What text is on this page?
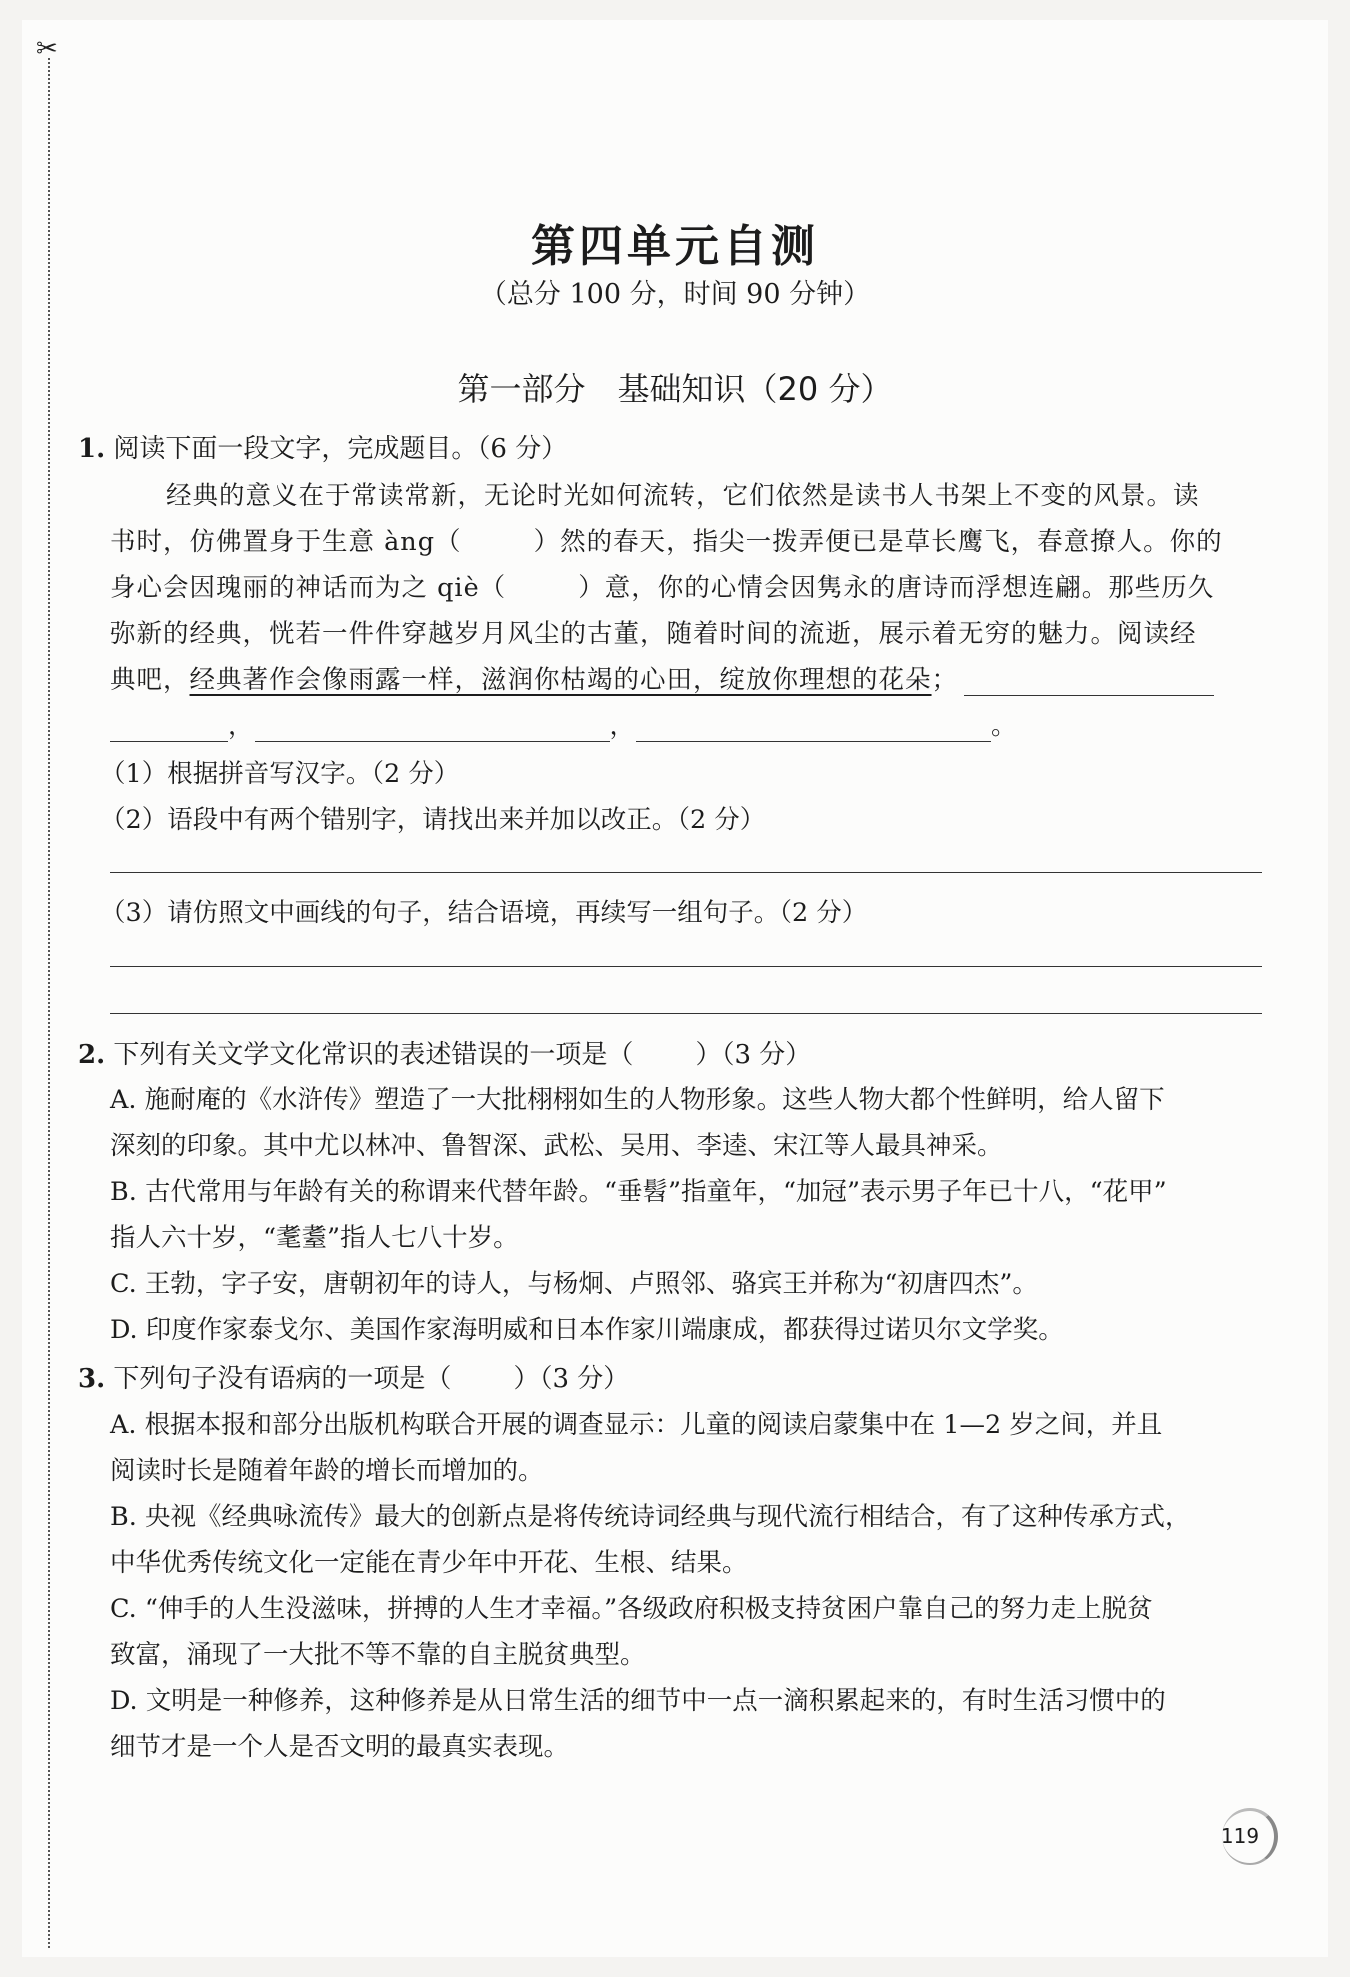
✂
第四单元自测
（总分 100 分，时间 90 分钟）
第一部分　基础知识（20 分）
1. 阅读下面一段文字，完成题目。（6 分）
经典的意义在于常读常新，无论时光如何流转，它们依然是读书人书架上不变的风景。读
书时，仿佛置身于生意 àng（	）然的春天，指尖一拨弄便已是草长鹰飞，春意撩人。你的
身心会因瑰丽的神话而为之 qiè（	）意，你的心情会因隽永的唐诗而浮想连翩。那些历久
弥新的经典，恍若一件件穿越岁月风尘的古董，随着时间的流逝，展示着无穷的魅力。阅读经
典吧，经典著作会像雨露一样，滋润你枯竭的心田，绽放你理想的花朵；
，	，	。
（1）根据拼音写汉字。（2 分）
（2）语段中有两个错别字，请找出来并加以改正。（2 分）
（3）请仿照文中画线的句子，结合语境，再续写一组句子。（2 分）
2. 下列有关文学文化常识的表述错误的一项是（ ）（3 分）
A. 施耐庵的《水浒传》塑造了一大批栩栩如生的人物形象。这些人物大都个性鲜明，给人留下
深刻的印象。其中尤以林冲、鲁智深、武松、吴用、李逵、宋江等人最具神采。
B. 古代常用与年龄有关的称谓来代替年龄。“垂髫”指童年，“加冠”表示男子年已十八，“花甲”
指人六十岁，“耄耋”指人七八十岁。
C. 王勃，字子安，唐朝初年的诗人，与杨炯、卢照邻、骆宾王并称为“初唐四杰”。
D. 印度作家泰戈尔、美国作家海明威和日本作家川端康成，都获得过诺贝尔文学奖。
3. 下列句子没有语病的一项是（ ）（3 分）
A. 根据本报和部分出版机构联合开展的调查显示：儿童的阅读启蒙集中在 1—2 岁之间，并且
阅读时长是随着年龄的增长而增加的。
B. 央视《经典咏流传》最大的创新点是将传统诗词经典与现代流行相结合，有了这种传承方式，
中华优秀传统文化一定能在青少年中开花、生根、结果。
C. “伸手的人生没滋味，拼搏的人生才幸福。”各级政府积极支持贫困户靠自己的努力走上脱贫
致富，涌现了一大批不等不靠的自主脱贫典型。
D. 文明是一种修养，这种修养是从日常生活的细节中一点一滴积累起来的，有时生活习惯中的
细节才是一个人是否文明的最真实表现。
119
